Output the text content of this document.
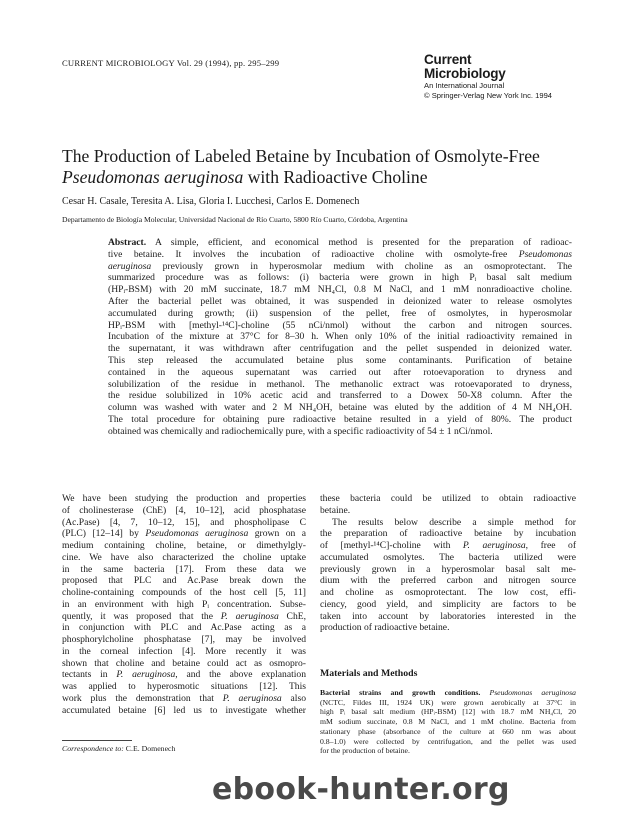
CURRENT MICROBIOLOGY Vol. 29 (1994), pp. 295–299	Current
Microbiology
An International Journal
© Springer-Verlag New York Inc. 1994
The Production of Labeled Betaine by Incubation of Osmolyte-Free
Pseudomonas aeruginosa with Radioactive Choline
Cesar H. Casale, Teresita A. Lisa, Gloria I. Lucchesi, Carlos E. Domenech
Departamento de Biología Molecular, Universidad Nacional de Río Cuarto, 5800 Río Cuarto, Córdoba, Argentina
Abstract. A simple, efficient, and economical method is presented for the preparation of radioac-
tive betaine. It involves the incubation of radioactive choline with osmolyte-free Pseudomonas
aeruginosa previously grown in hyperosmolar medium with choline as an osmoprotectant. The
summarized procedure was as follows: (i) bacteria were grown in high Pᵢ basal salt medium
(HPᵢ-BSM) with 20 mM succinate, 18.7 mM NH₄Cl, 0.8 M NaCl, and 1 mM nonradioactive choline.
After the bacterial pellet was obtained, it was suspended in deionized water to release osmolytes
accumulated during growth; (ii) suspension of the pellet, free of osmolytes, in hyperosmolar
HPᵢ-BSM with [methyl-¹⁴C]-choline (55 nCi/nmol) without the carbon and nitrogen sources.
Incubation of the mixture at 37°C for 8–30 h. When only 10% of the initial radioactivity remained in
the supernatant, it was withdrawn after centrifugation and the pellet suspended in deionized water.
This step released the accumulated betaine plus some contaminants. Purification of betaine
contained in the aqueous supernatant was carried out after rotoevaporation to dryness and
solubilization of the residue in methanol. The methanolic extract was rotoevaporated to dryness,
the residue solubilized in 10% acetic acid and transferred to a Dowex 50-X8 column. After the
column was washed with water and 2 M NH₄OH, betaine was eluted by the addition of 4 M NH₄OH.
The total procedure for obtaining pure radioactive betaine resulted in a yield of 80%. The product
obtained was chemically and radiochemically pure, with a specific radioactivity of 54 ± 1 nCi/nmol.
We have been studying the production and properties
of cholinesterase (ChE) [4, 10–12], acid phosphatase
(Ac.Pase) [4, 7, 10–12, 15], and phospholipase C
(PLC) [12–14] by Pseudomonas aeruginosa grown on a
medium containing choline, betaine, or dimethylgly-
cine. We have also characterized the choline uptake
in the same bacteria [17]. From these data we
proposed that PLC and Ac.Pase break down the
choline-containing compounds of the host cell [5, 11]
in an environment with high Pᵢ concentration. Subse-
quently, it was proposed that the P. aeruginosa ChE,
in conjunction with PLC and Ac.Pase acting as a
phosphorylcholine phosphatase [7], may be involved
in the corneal infection [4]. More recently it was
shown that choline and betaine could act as osmopro-
tectants in P. aeruginosa, and the above explanation
was applied to hyperosmotic situations [12]. This
work plus the demonstration that P. aeruginosa also
accumulated betaine [6] led us to investigate whether
these bacteria could be utilized to obtain radioactive
betaine.
The results below describe a simple method for
the preparation of radioactive betaine by incubation
of [methyl-¹⁴C]-choline with P. aeruginosa, free of
accumulated osmolytes. The bacteria utilized were
previously grown in a hyperosmolar basal salt me-
dium with the preferred carbon and nitrogen source
and choline as osmoprotectant. The low cost, effi-
ciency, good yield, and simplicity are factors to be
taken into account by laboratories interested in the
production of radioactive betaine.
Materials and Methods
Bacterial strains and growth conditions. Pseudomonas aeruginosa
(NCTC, Fildes III, 1924 UK) were grown aerobically at 37°C in
high Pᵢ basal salt medium (HPᵢ-BSM) [12] with 18.7 mM NH₄Cl, 20
mM sodium succinate, 0.8 M NaCl, and 1 mM choline. Bacteria from
stationary phase (absorbance of the culture at 660 nm was about
0.8–1.0) were collected by centrifugation, and the pellet was used
for the production of betaine.
Correspondence to: C.E. Domenech
ebook-hunter.org
